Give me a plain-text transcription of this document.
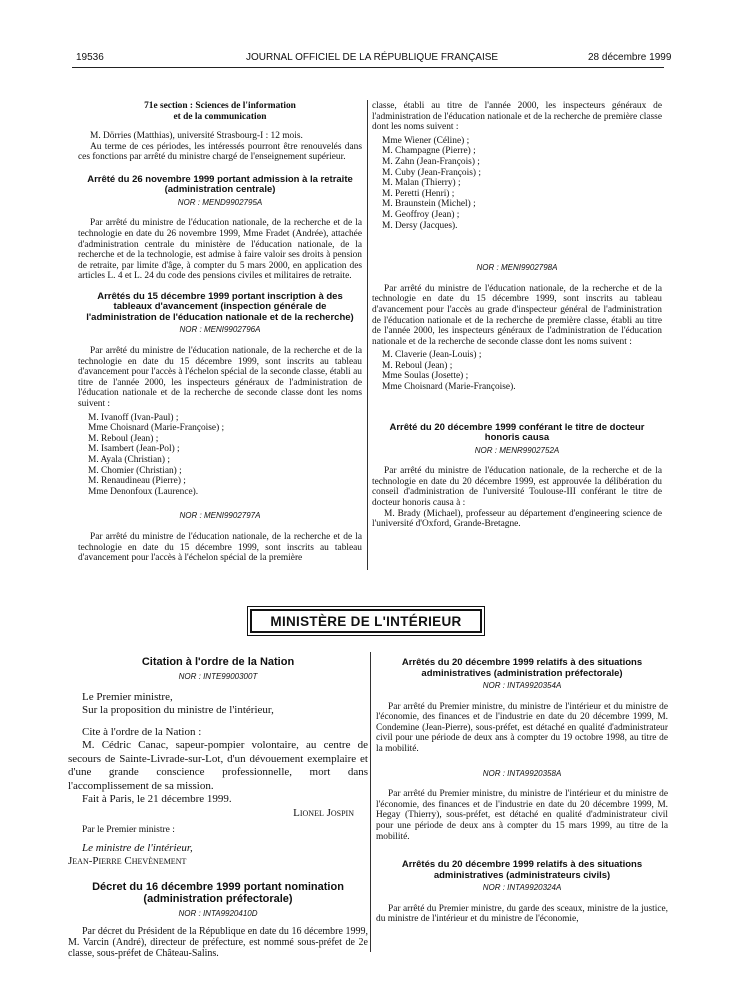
19536	JOURNAL OFFICIEL DE LA RÉPUBLIQUE FRANÇAISE	28 décembre 1999
71e section : Sciences de l'information
et de la communication

M. Dörries (Matthias), université Strasbourg-I : 12 mois.

Au terme de ces périodes, les intéressés pourront être renouvelés dans ces fonctions par arrêté du ministre chargé de l'enseignement supérieur.

Arrêté du 26 novembre 1999 portant admission à la retraite (administration centrale)
NOR : MEND9902795A

Par arrêté du ministre de l'éducation nationale, de la recherche et de la technologie en date du 26 novembre 1999, Mme Fradet (Andrée), attachée d'administration centrale du ministère de l'éducation nationale, de la recherche et de la technologie, est admise à faire valoir ses droits à pension de retraite, par limite d'âge, à compter du 5 mars 2000, en application des articles L. 4 et L. 24 du code des pensions civiles et militaires de retraite.

Arrêtés du 15 décembre 1999 portant inscription à des tableaux d'avancement (inspection générale de l'administration de l'éducation nationale et de la recherche)
NOR : MENI9902796A

Par arrêté du ministre de l'éducation nationale, de la recherche et de la technologie en date du 15 décembre 1999, sont inscrits au tableau d'avancement pour l'accès à l'échelon spécial de la seconde classe, établi au titre de l'année 2000, les inspecteurs généraux de l'administration de l'éducation nationale et de la recherche de seconde classe dont les noms suivent :

M. Ivanoff (Ivan-Paul) ;
Mme Choisnard (Marie-Françoise) ;
M. Reboul (Jean) ;
M. Isambert (Jean-Pol) ;
M. Ayala (Christian) ;
M. Chomier (Christian) ;
M. Renaudineau (Pierre) ;
Mme Denonfoux (Laurence).
NOR : MENI9902797A

Par arrêté du ministre de l'éducation nationale, de la recherche et de la technologie en date du 15 décembre 1999, sont inscrits au tableau d'avancement pour l'accès à l'échelon spécial de la première

classe, établi au titre de l'année 2000, les inspecteurs généraux de l'administration de l'éducation nationale et de la recherche de première classe dont les noms suivent :

Mme Wiener (Céline) ;
M. Champagne (Pierre) ;
M. Zahn (Jean-François) ;
M. Cuby (Jean-François) ;
M. Malan (Thierry) ;
M. Peretti (Henri) ;
M. Braunstein (Michel) ;
M. Geoffroy (Jean) ;
M. Dersy (Jacques).
NOR : MENI9902798A

Par arrêté du ministre de l'éducation nationale, de la recherche et de la technologie en date du 15 décembre 1999, sont inscrits au tableau d'avancement pour l'accès au grade d'inspecteur général de l'administration de l'éducation nationale et de la recherche de première classe, établi au titre de l'année 2000, les inspecteurs généraux de l'administration de l'éducation nationale et de la recherche de seconde classe dont les noms suivent :

M. Claverie (Jean-Louis) ;
M. Reboul (Jean) ;
Mme Soulas (Josette) ;
Mme Choisnard (Marie-Françoise).
Arrêté du 20 décembre 1999 conférant le titre de docteur honoris causa
NOR : MENR9902752A

Par arrêté du ministre de l'éducation nationale, de la recherche et de la technologie en date du 20 décembre 1999, est approuvée la délibération du conseil d'administration de l'université Toulouse-III conférant le titre de docteur honoris causa à :

M. Brady (Michael), professeur au département d'engineering science de l'université d'Oxford, Grande-Bretagne.

MINISTÈRE DE L'INTÉRIEUR
Citation à l'ordre de la Nation
NOR : INTE9900300T

Le Premier ministre,

Sur la proposition du ministre de l'intérieur,

Cite à l'ordre de la Nation :

M. Cédric Canac, sapeur-pompier volontaire, au centre de secours de Sainte-Livrade-sur-Lot, d'un dévouement exemplaire et d'une grande conscience professionnelle, mort dans l'accomplissement de sa mission.

Fait à Paris, le 21 décembre 1999.

Lionel Jospin
Par le Premier ministre :
Le ministre de l'intérieur,
Jean-Pierre Chevènement
Décret du 16 décembre 1999 portant nomination (administration préfectorale)
NOR : INTA9920410D

Par décret du Président de la République en date du 16 décembre 1999, M. Varcin (André), directeur de préfecture, est nommé sous-préfet de 2e classe, sous-préfet de Château-Salins.

Arrêtés du 20 décembre 1999 relatifs à des situations administratives (administration préfectorale)
NOR : INTA9920354A

Par arrêté du Premier ministre, du ministre de l'intérieur et du ministre de l'économie, des finances et de l'industrie en date du 20 décembre 1999, M. Condemine (Jean-Pierre), sous-préfet, est détaché en qualité d'administrateur civil pour une période de deux ans à compter du 19 octobre 1998, au titre de la mobilité.

NOR : INTA9920358A

Par arrêté du Premier ministre, du ministre de l'intérieur et du ministre de l'économie, des finances et de l'industrie en date du 20 décembre 1999, M. Hegay (Thierry), sous-préfet, est détaché en qualité d'administrateur civil pour une période de deux ans à compter du 15 mars 1999, au titre de la mobilité.

Arrêtés du 20 décembre 1999 relatifs à des situations administratives (administrateurs civils)
NOR : INTA9920324A

Par arrêté du Premier ministre, du garde des sceaux, ministre de la justice, du ministre de l'intérieur et du ministre de l'économie,
